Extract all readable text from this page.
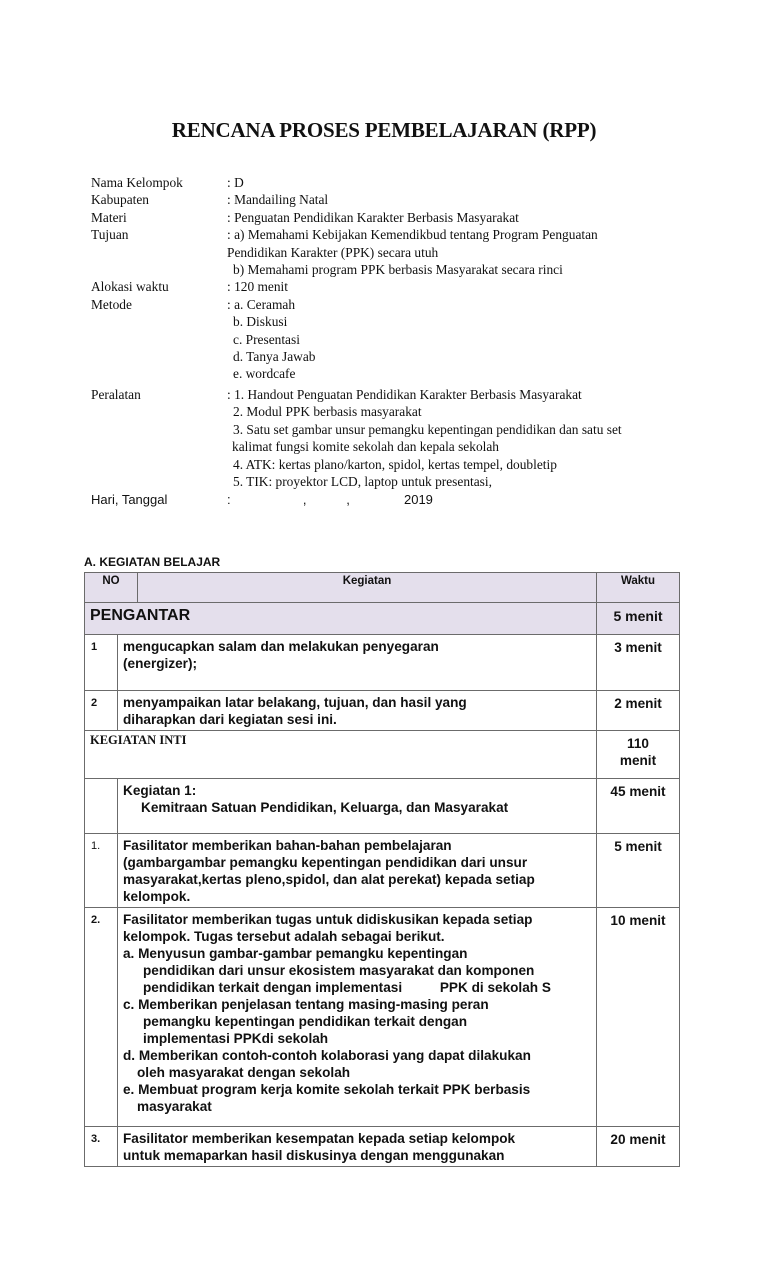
RENCANA PROSES PEMBELAJARAN (RPP)
Nama Kelompok	: D
Kabupaten	: Mandailing Natal
Materi	: Penguatan Pendidikan Karakter Berbasis Masyarakat
Tujuan	: a) Memahami Kebijakan Kemendikbud tentang Program Penguatan
Pendidikan Karakter (PPK) secara utuh
b) Memahami program PPK berbasis Masyarakat secara rinci
Alokasi waktu	: 120 menit
Metode	: a. Ceramah
b. Diskusi
c. Presentasi
d. Tanya Jawab
e. wordcafe
Peralatan	: 1. Handout Penguatan Pendidikan Karakter Berbasis Masyarakat
2. Modul PPK berbasis masyarakat
3. Satu set gambar unsur pemangku kepentingan pendidikan dan satu set
kalimat fungsi komite sekolah dan kepala sekolah
4. ATK: kertas plano/karton, spidol, kertas tempel, doubletip
5. TIK: proyektor LCD, laptop untuk presentasi,
Hari, Tanggal	:                    ,           ,               2019
A. KEGIATAN BELAJAR
NO		Kegiatan	Waktu
PENGANTAR			5 menit
1	mengucapkan salam dan melakukan penyegaran
(energizer);		3 menit
2	menyampaikan latar belakang, tujuan, dan hasil yang
diharapkan dari kegiatan sesi ini.		2 menit
KEGIATAN INTI			110
menit

	Kegiatan 1:
Kemitraan Satuan Pendidikan, Keluarga, dan Masyarakat		45 menit
1.	Fasilitator memberikan bahan-bahan pembelajaran
(gambargambar pemangku kepentingan pendidikan dari unsur
masyarakat,kertas pleno,spidol, dan alat perekat) kepada setiap
kelompok.		5 menit
2.	Fasilitator memberikan tugas untuk didiskusikan kepada setiap
kelompok. Tugas tersebut adalah sebagai berikut.
a. Menyusun gambar-gambar pemangku kepentingan
pendidikan dari unsur ekosistem masyarakat dan komponen
pendidikan terkait dengan implementasi          PPK di sekolah S
c. Memberikan penjelasan tentang masing-masing peran
pemangku kepentingan pendidikan terkait dengan
implementasi PPKdi sekolah
d. Memberikan contoh-contoh kolaborasi yang dapat dilakukan
oleh masyarakat dengan sekolah
e. Membuat program kerja komite sekolah terkait PPK berbasis
masyarakat
	10 menit
3.	Fasilitator memberikan kesempatan kepada setiap kelompok
untuk memaparkan hasil diskusinya dengan menggunakan		20 menit
